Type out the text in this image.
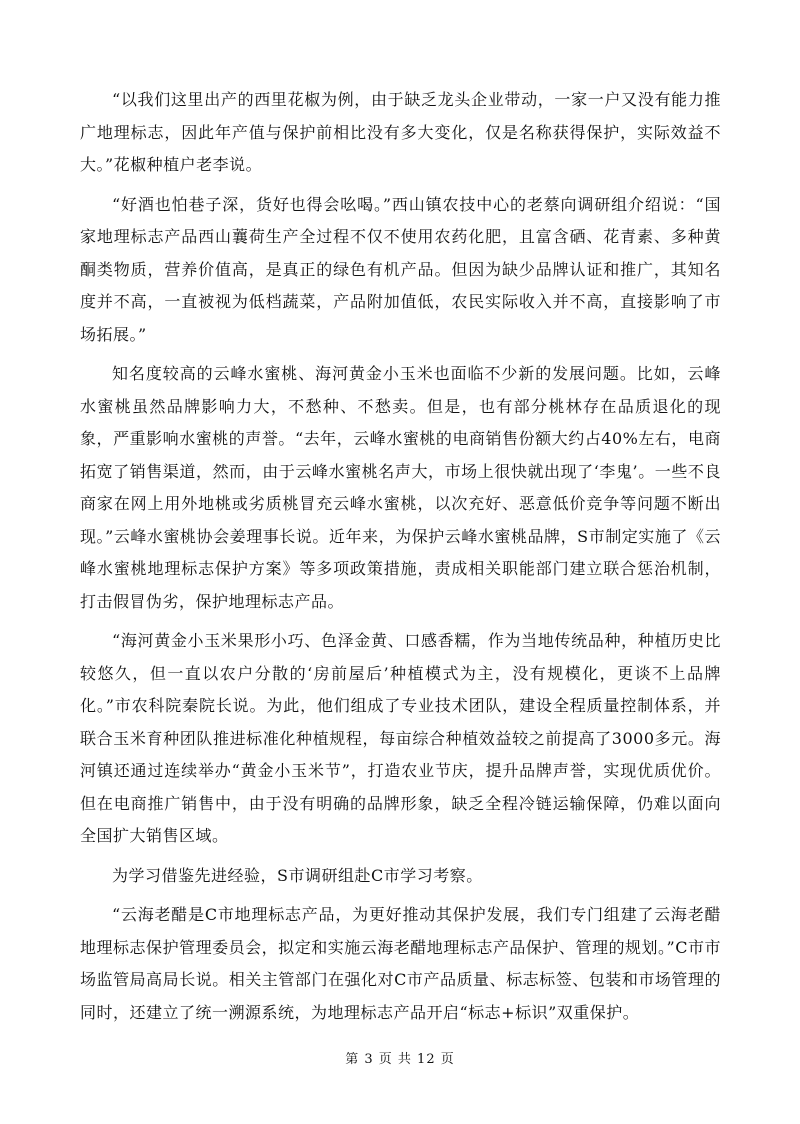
“以我们这里出产的西里花椒为例，由于缺乏龙头企业带动，一家一户又没有能力推广地理标志，因此年产值与保护前相比没有多大变化，仅是名称获得保护，实际效益不大。”花椒种植户老李说。

“好酒也怕巷子深，货好也得会吆喝。”西山镇农技中心的老蔡向调研组介绍说：“国家地理标志产品西山蘘荷生产全过程不仅不使用农药化肥，且富含硒、花青素、多种黄酮类物质，营养价值高，是真正的绿色有机产品。但因为缺少品牌认证和推广，其知名度并不高，一直被视为低档蔬菜，产品附加值低，农民实际收入并不高，直接影响了市场拓展。”

知名度较高的云峰水蜜桃、海河黄金小玉米也面临不少新的发展问题。比如，云峰水蜜桃虽然品牌影响力大，不愁种、不愁卖。但是，也有部分桃林存在品质退化的现象，严重影响水蜜桃的声誉。“去年，云峰水蜜桃的电商销售份额大约占40%左右，电商拓宽了销售渠道，然而，由于云峰水蜜桃名声大，市场上很快就出现了‘李鬼’。一些不良商家在网上用外地桃或劣质桃冒充云峰水蜜桃，以次充好、恶意低价竞争等问题不断出现。”云峰水蜜桃协会姜理事长说。近年来，为保护云峰水蜜桃品牌，S市制定实施了《云峰水蜜桃地理标志保护方案》等多项政策措施，责成相关职能部门建立联合惩治机制，打击假冒伪劣，保护地理标志产品。

“海河黄金小玉米果形小巧、色泽金黄、口感香糯，作为当地传统品种，种植历史比较悠久，但一直以农户分散的‘房前屋后’种植模式为主，没有规模化，更谈不上品牌化。”市农科院秦院长说。为此，他们组成了专业技术团队，建设全程质量控制体系，并联合玉米育种团队推进标准化种植规程，每亩综合种植效益较之前提高了3000多元。海河镇还通过连续举办“黄金小玉米节”，打造农业节庆，提升品牌声誉，实现优质优价。但在电商推广销售中，由于没有明确的品牌形象，缺乏全程冷链运输保障，仍难以面向全国扩大销售区域。

为学习借鉴先进经验，S市调研组赴C市学习考察。

“云海老醋是C市地理标志产品，为更好推动其保护发展，我们专门组建了云海老醋地理标志保护管理委员会，拟定和实施云海老醋地理标志产品保护、管理的规划。”C市市场监管局高局长说。相关主管部门在强化对C市产品质量、标志标签、包装和市场管理的同时，还建立了统一溯源系统，为地理标志产品开启“标志+标识”双重保护。

第 3 页 共 12 页
